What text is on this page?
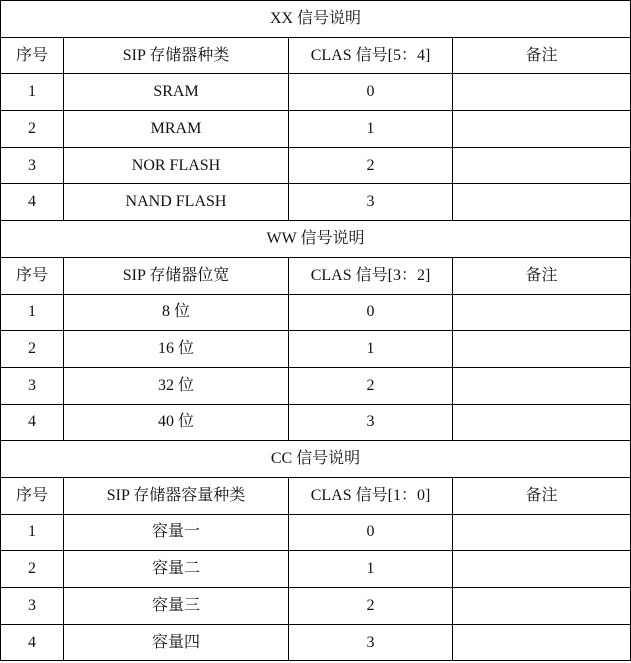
XX 信号说明			
序号	SIP 存储器种类	CLAS 信号[5：4]	备注
1	SRAM	0	
2	MRAM	1	
3	NOR FLASH	2	
4	NAND FLASH	3	
WW 信号说明			
序号	SIP 存储器位宽	CLAS 信号[3：2]	备注
1	8 位	0	
2	16 位	1	
3	32 位	2	
4	40 位	3	
CC 信号说明			
序号	SIP 存储器容量种类	CLAS 信号[1：0]	备注
1	容量一	0	
2	容量二	1	
3	容量三	2	
4	容量四	3	
